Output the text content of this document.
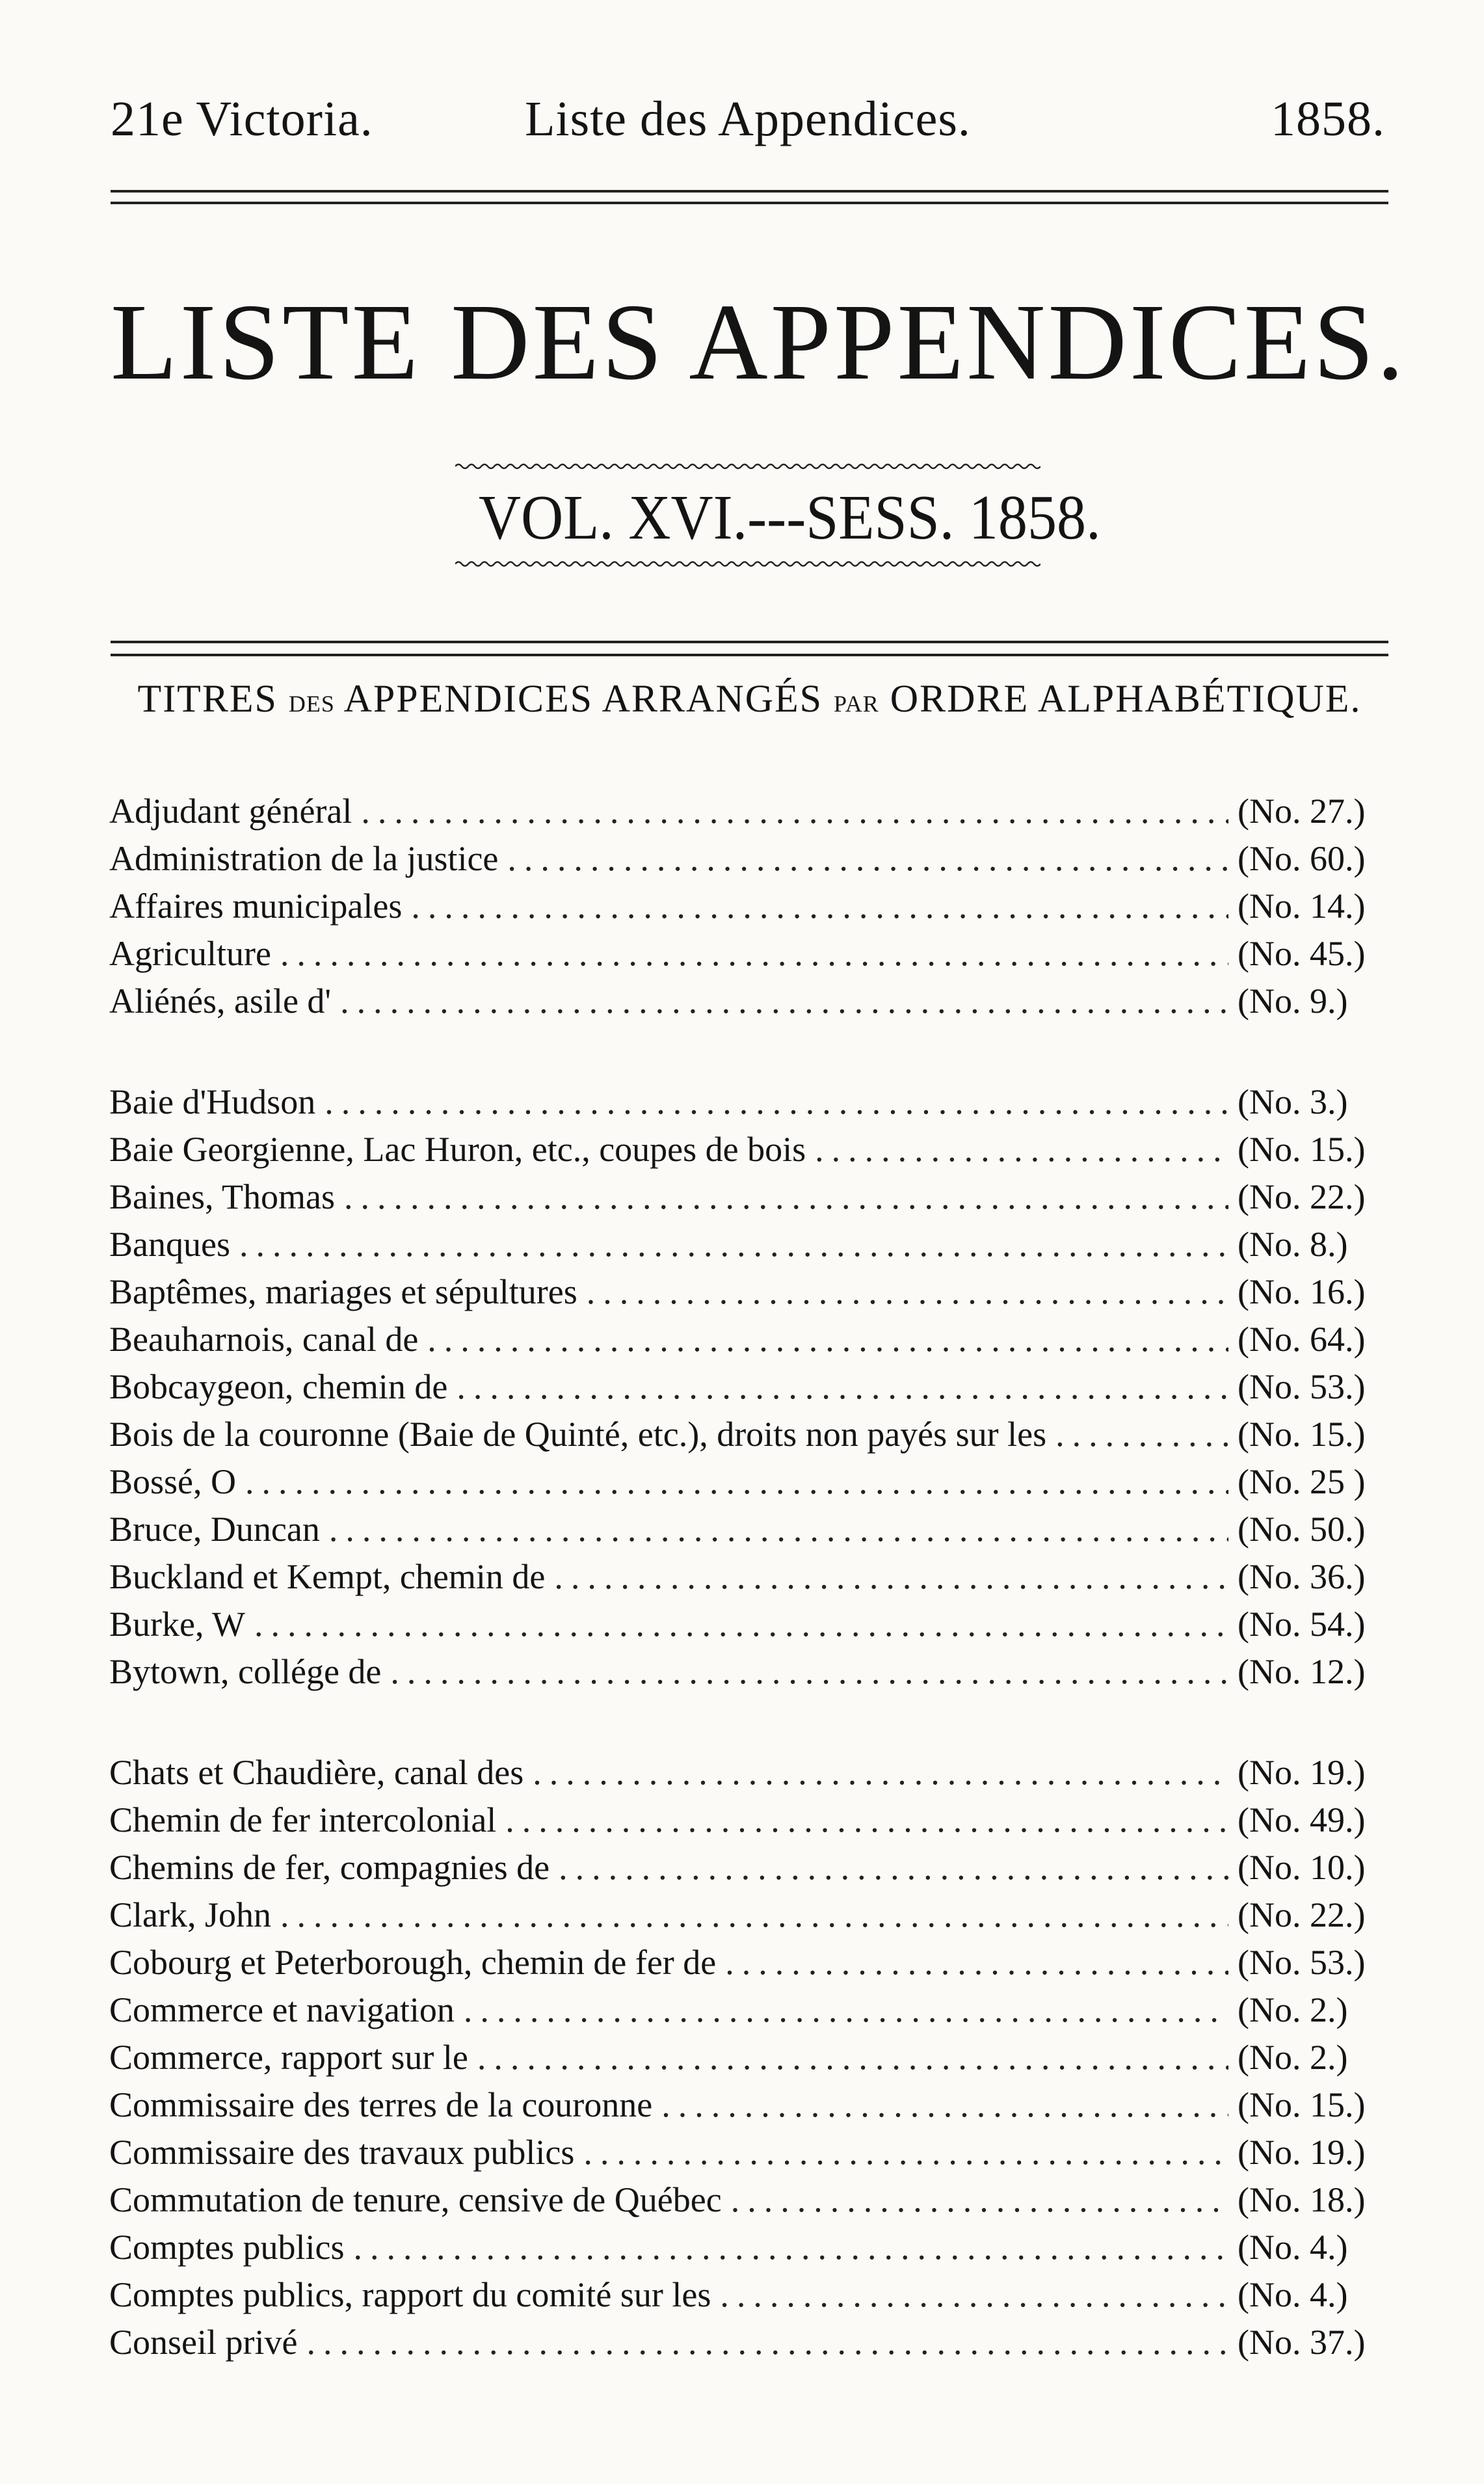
21e Victoria.	Liste des Appendices.	1858.
LISTE DES APPENDICES.
VOL. XVI.---SESS. 1858.
TITRES DES APPENDICES ARRANGÉS PAR ORDRE ALPHABÉTIQUE.
Adjudant général .....	(No. 27.)
Administration de la justice .....	(No. 60.)
Affaires municipales .....	(No. 14.)
Agriculture .....	(No. 45.)
Aliénés, asile d' .....	(No. 9.)
Baie d'Hudson .....	(No. 3.)
Baie Georgienne, Lac Huron, etc., coupes de bois .....	(No. 15.)
Baines, Thomas .....	(No. 22.)
Banques .....	(No. 8.)
Baptêmes, mariages et sépultures .....	(No. 16.)
Beauharnois, canal de .....	(No. 64.)
Bobcaygeon, chemin de .....	(No. 53.)
Bois de la couronne (Baie de Quinté, etc.), droits non payés sur les .....	(No. 15.)
Bossé, O .....	(No. 25 )
Bruce, Duncan .....	(No. 50.)
Buckland et Kempt, chemin de .....	(No. 36.)
Burke, W .....	(No. 54.)
Bytown, collége de .....	(No. 12.)
Chats et Chaudière, canal des .....	(No. 19.)
Chemin de fer intercolonial .....	(No. 49.)
Chemins de fer, compagnies de .....	(No. 10.)
Clark, John .....	(No. 22.)
Cobourg et Peterborough, chemin de fer de .....	(No. 53.)
Commerce et navigation .....	(No. 2.)
Commerce, rapport sur le .....	(No. 2.)
Commissaire des terres de la couronne .....	(No. 15.)
Commissaire des travaux publics .....	(No. 19.)
Commutation de tenure, censive de Québec .....	(No. 18.)
Comptes publics .....	(No. 4.)
Comptes publics, rapport du comité sur les .....	(No. 4.)
Conseil privé .....	(No. 37.)
